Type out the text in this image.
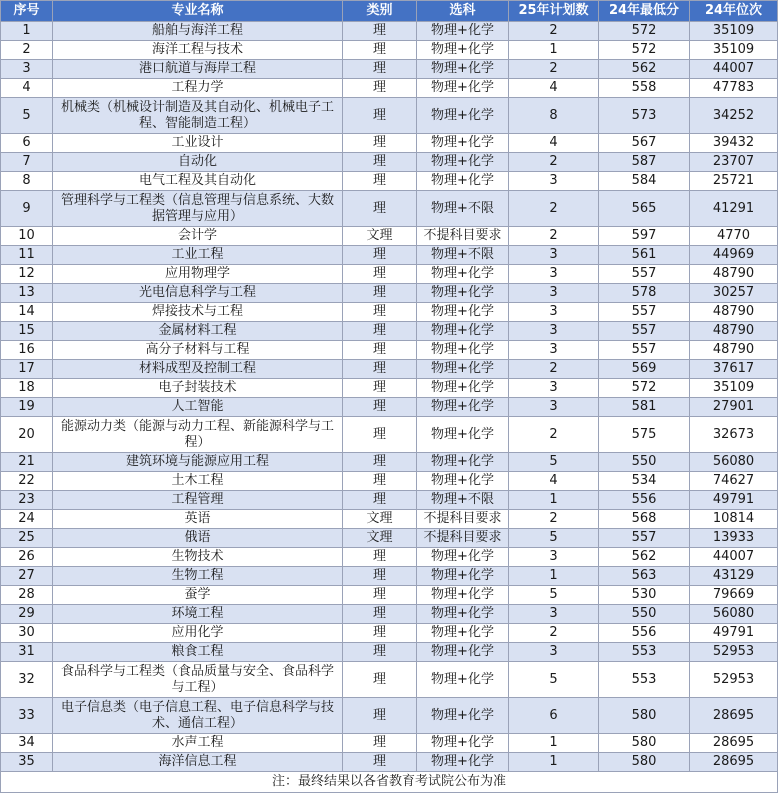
序号	专业名称	类别	选科	25年计划数	24年最低分	24年位次
1	船舶与海洋工程	理	物理+化学	2	572	35109
2	海洋工程与技术	理	物理+化学	1	572	35109
3	港口航道与海岸工程	理	物理+化学	2	562	44007
4	工程力学	理	物理+化学	4	558	47783
5	机械类（机械设计制造及其自动化、机械电子工程、智能制造工程）	理	物理+化学	8	573	34252
6	工业设计	理	物理+化学	4	567	39432
7	自动化	理	物理+化学	2	587	23707
8	电气工程及其自动化	理	物理+化学	3	584	25721
9	管理科学与工程类（信息管理与信息系统、大数据管理与应用）	理	物理+不限	2	565	41291
10	会计学	文理	不提科目要求	2	597	4770
11	工业工程	理	物理+不限	3	561	44969
12	应用物理学	理	物理+化学	3	557	48790
13	光电信息科学与工程	理	物理+化学	3	578	30257
14	焊接技术与工程	理	物理+化学	3	557	48790
15	金属材料工程	理	物理+化学	3	557	48790
16	高分子材料与工程	理	物理+化学	3	557	48790
17	材料成型及控制工程	理	物理+化学	2	569	37617
18	电子封装技术	理	物理+化学	3	572	35109
19	人工智能	理	物理+化学	3	581	27901
20	能源动力类（能源与动力工程、新能源科学与工程）	理	物理+化学	2	575	32673
21	建筑环境与能源应用工程	理	物理+化学	5	550	56080
22	土木工程	理	物理+化学	4	534	74627
23	工程管理	理	物理+不限	1	556	49791
24	英语	文理	不提科目要求	2	568	10814
25	俄语	文理	不提科目要求	5	557	13933
26	生物技术	理	物理+化学	3	562	44007
27	生物工程	理	物理+化学	1	563	43129
28	蚕学	理	物理+化学	5	530	79669
29	环境工程	理	物理+化学	3	550	56080
30	应用化学	理	物理+化学	2	556	49791
31	粮食工程	理	物理+化学	3	553	52953
32	食品科学与工程类（食品质量与安全、食品科学与工程）	理	物理+化学	5	553	52953
33	电子信息类（电子信息工程、电子信息科学与技术、通信工程）	理	物理+化学	6	580	28695
34	水声工程	理	物理+化学	1	580	28695
35	海洋信息工程	理	物理+化学	1	580	28695
注：最终结果以各省教育考试院公布为准						
